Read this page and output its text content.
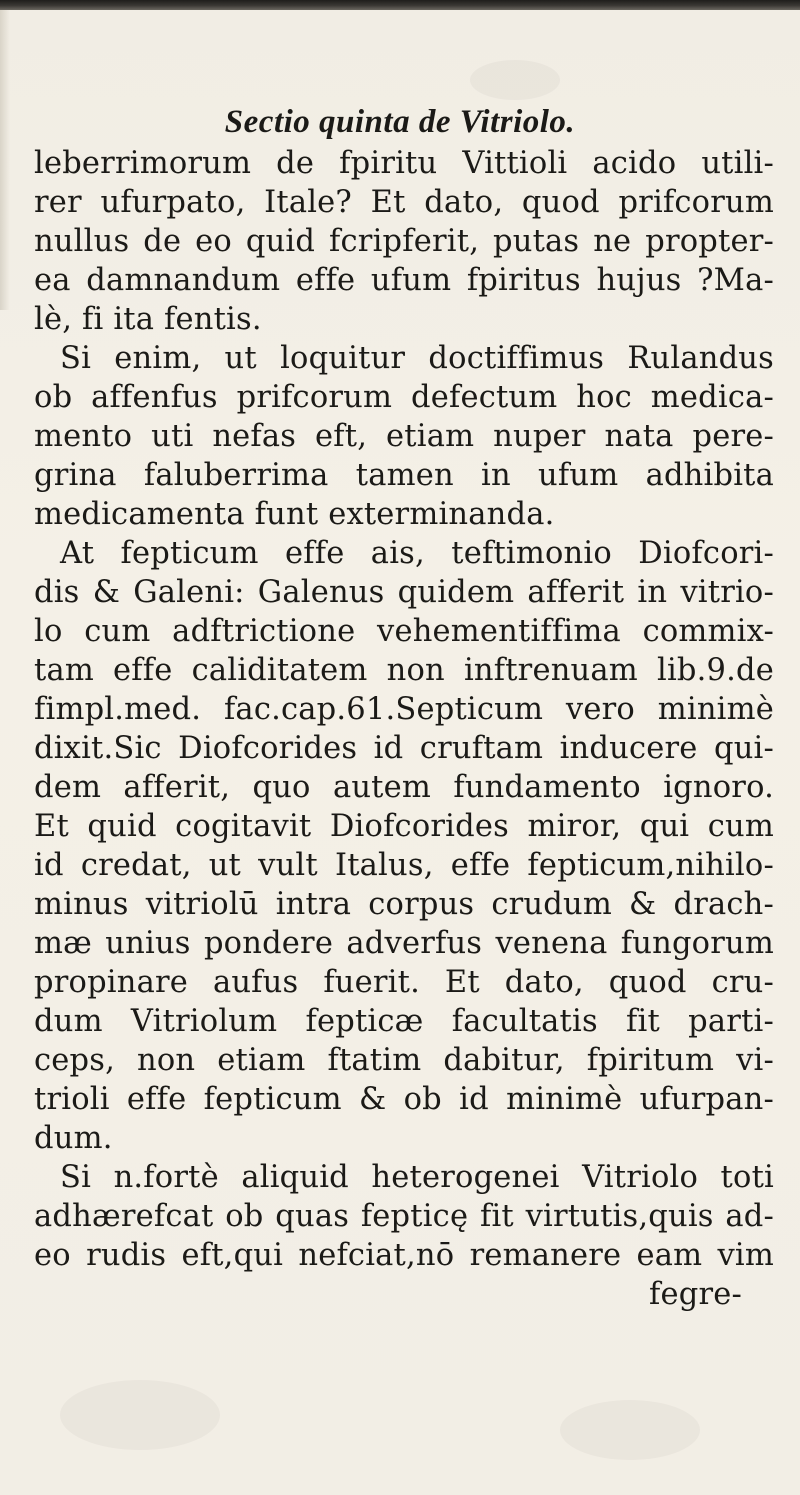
Sectio quinta de Vitriolo.
leberrimorum de fpiritu Vittioli acido utili-
rer ufurpato, Itale? Et dato, quod prifcorum
nullus de eo quid fcripferit, putas ne propter-
ea damnandum effe ufum fpiritus hujus ?Ma-
lè, fi ita fentis.
Si enim, ut loquitur doctiffimus Rulandus
ob affenfus prifcorum defectum hoc medica-
mento uti nefas eft, etiam nuper nata pere-
grina faluberrima tamen in ufum adhibita
medicamenta funt exterminanda.
At fepticum effe ais, teftimonio Diofcori-
dis & Galeni: Galenus quidem afferit in vitrio-
lo cum adftrictione vehementiffima commix-
tam effe caliditatem non inftrenuam lib.9.de
fimpl.med. fac.cap.61.Septicum vero minimè
dixit.Sic Diofcorides id cruftam inducere qui-
dem afferit, quo autem fundamento ignoro.
Et quid cogitavit Diofcorides miror, qui cum
id credat, ut vult Italus, effe fepticum,nihilo-
minus vitriolū intra corpus crudum & drach-
mæ unius pondere adverfus venena fungorum
propinare aufus fuerit. Et dato, quod cru-
dum Vitriolum fepticæ facultatis fit parti-
ceps, non etiam ftatim dabitur, fpiritum vi-
trioli effe fepticum & ob id minimè ufurpan-
dum.
Si n.fortè aliquid heterogenei Vitriolo toti
adhærefcat ob quas fepticę fit virtutis,quis ad-
eo rudis eft,qui nefciat,nō remanere eam vim
fegre-
